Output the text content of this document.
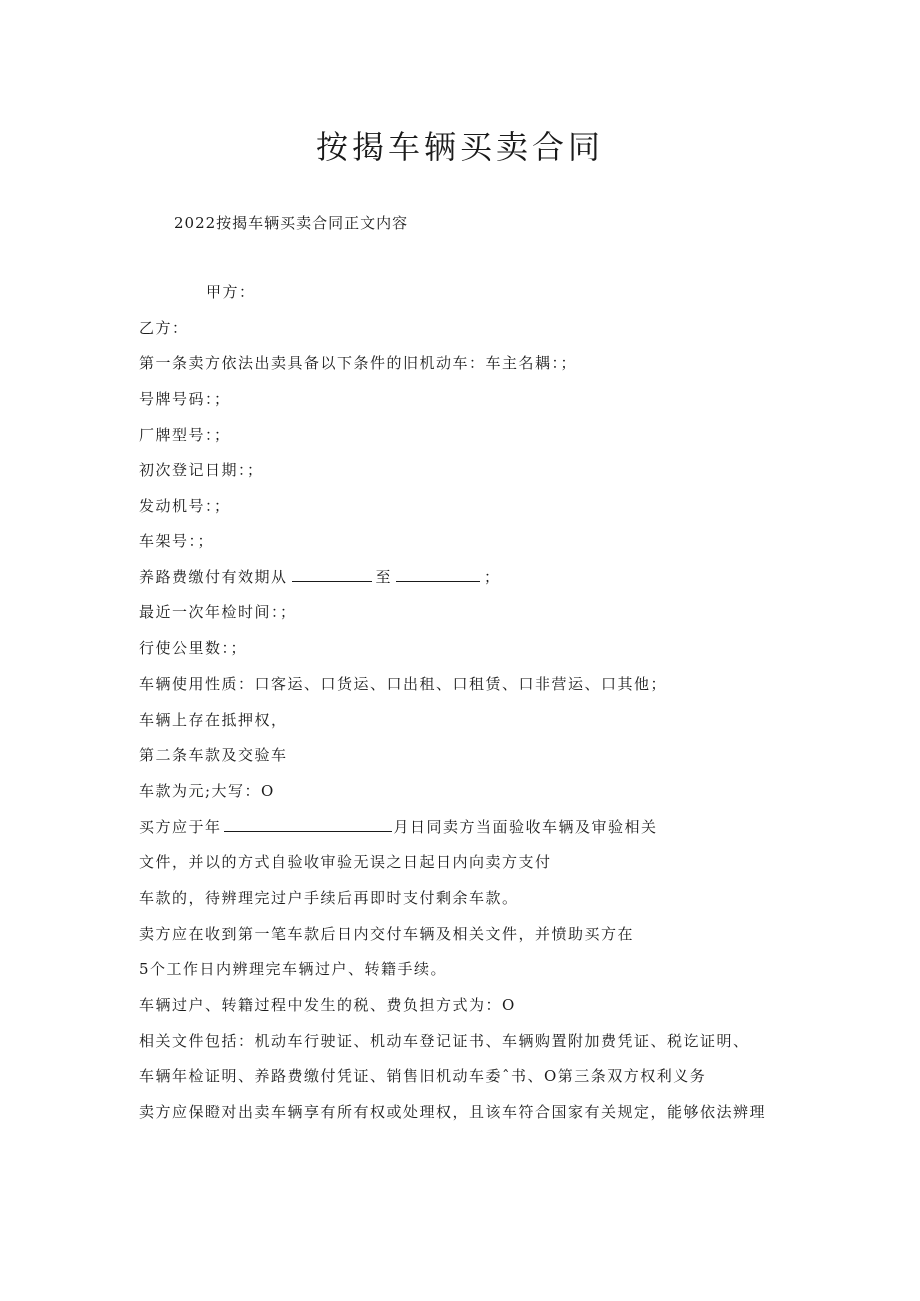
按揭车辆买卖合同

2022按揭车辆买卖合同正文内容

甲方：

乙方：

第一条卖方依法出卖具备以下条件的旧机动车：车主名耦：；

号牌号码：；

厂牌型号：；

初次登记日期：；

发动机号：；

车架号：；

养路费缴付有效期从	至	；

最近一次年检时间：；

行使公里数：；

车辆使用性质：口客运、口货运、口出租、口租赁、口非营运、口其他；

车辆上存在抵押权，

第二条车款及交验车

车款为元;大写：O

买方应于年	月日同卖方当面验收车辆及审验相关

文件，并以的方式自验收审验无误之日起日内向卖方支付

车款的，待辨理完过户手续后再即时支付剩余车款。

卖方应在收到第一笔车款后日内交付车辆及相关文件，并愤助买方在

5个工作日内辨理完车辆过户、转籍手续。

车辆过户、转籍过程中发生的税、费负担方式为：O

相关文件包括：机动车行驶证、机动车登记证书、车辆购置附加费凭证、税讫证明、

车辆年检证明、养路费缴付凭证、销售旧机动车委ˆ书、O第三条双方权利义务

卖方应保瞪对出卖车辆享有所有权或处理权，且该车符合国家有关规定，能够依法辨理
